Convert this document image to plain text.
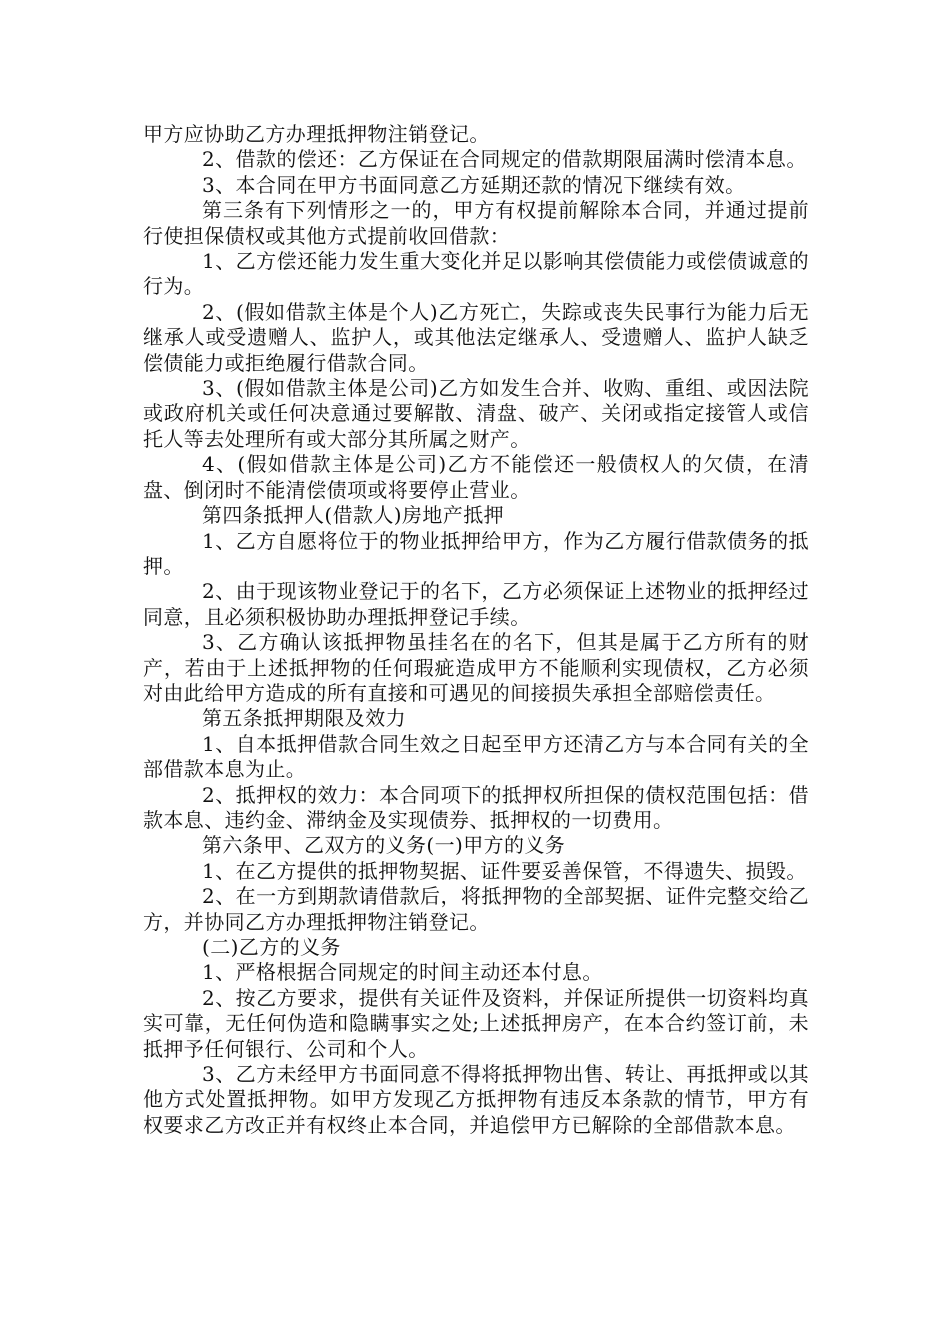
甲方应协助乙方办理抵押物注销登记。

2、借款的偿还：乙方保证在合同规定的借款期限届满时偿清本息。

3、本合同在甲方书面同意乙方延期还款的情况下继续有效。

第三条有下列情形之一的，甲方有权提前解除本合同，并通过提前行使担保债权或其他方式提前收回借款：

1、乙方偿还能力发生重大变化并足以影响其偿债能力或偿债诚意的行为。

2、(假如借款主体是个人)乙方死亡，失踪或丧失民事行为能力后无继承人或受遗赠人、监护人，或其他法定继承人、受遗赠人、监护人缺乏偿债能力或拒绝履行借款合同。

3、(假如借款主体是公司)乙方如发生合并、收购、重组、或因法院或政府机关或任何决意通过要解散、清盘、破产、关闭或指定接管人或信托人等去处理所有或大部分其所属之财产。

4、(假如借款主体是公司)乙方不能偿还一般债权人的欠债，在清盘、倒闭时不能清偿债项或将要停止营业。

第四条抵押人(借款人)房地产抵押

1、乙方自愿将位于的物业抵押给甲方，作为乙方履行借款债务的抵押。

2、由于现该物业登记于的名下，乙方必须保证上述物业的抵押经过同意，且必须积极协助办理抵押登记手续。

3、乙方确认该抵押物虽挂名在的名下，但其是属于乙方所有的财产，若由于上述抵押物的任何瑕疵造成甲方不能顺利实现债权，乙方必须对由此给甲方造成的所有直接和可遇见的间接损失承担全部赔偿责任。

第五条抵押期限及效力

1、自本抵押借款合同生效之日起至甲方还清乙方与本合同有关的全部借款本息为止。

2、抵押权的效力：本合同项下的抵押权所担保的债权范围包括：借款本息、违约金、滞纳金及实现债券、抵押权的一切费用。

第六条甲、乙双方的义务(一)甲方的义务

1、在乙方提供的抵押物契据、证件要妥善保管，不得遗失、损毁。

2、在一方到期款请借款后，将抵押物的全部契据、证件完整交给乙方，并协同乙方办理抵押物注销登记。

(二)乙方的义务

1、严格根据合同规定的时间主动还本付息。

2、按乙方要求，提供有关证件及资料，并保证所提供一切资料均真实可靠，无任何伪造和隐瞒事实之处;上述抵押房产，在本合约签订前，未抵押予任何银行、公司和个人。

3、乙方未经甲方书面同意不得将抵押物出售、转让、再抵押或以其他方式处置抵押物。如甲方发现乙方抵押物有违反本条款的情节，甲方有权要求乙方改正并有权终止本合同，并追偿甲方已解除的全部借款本息。
